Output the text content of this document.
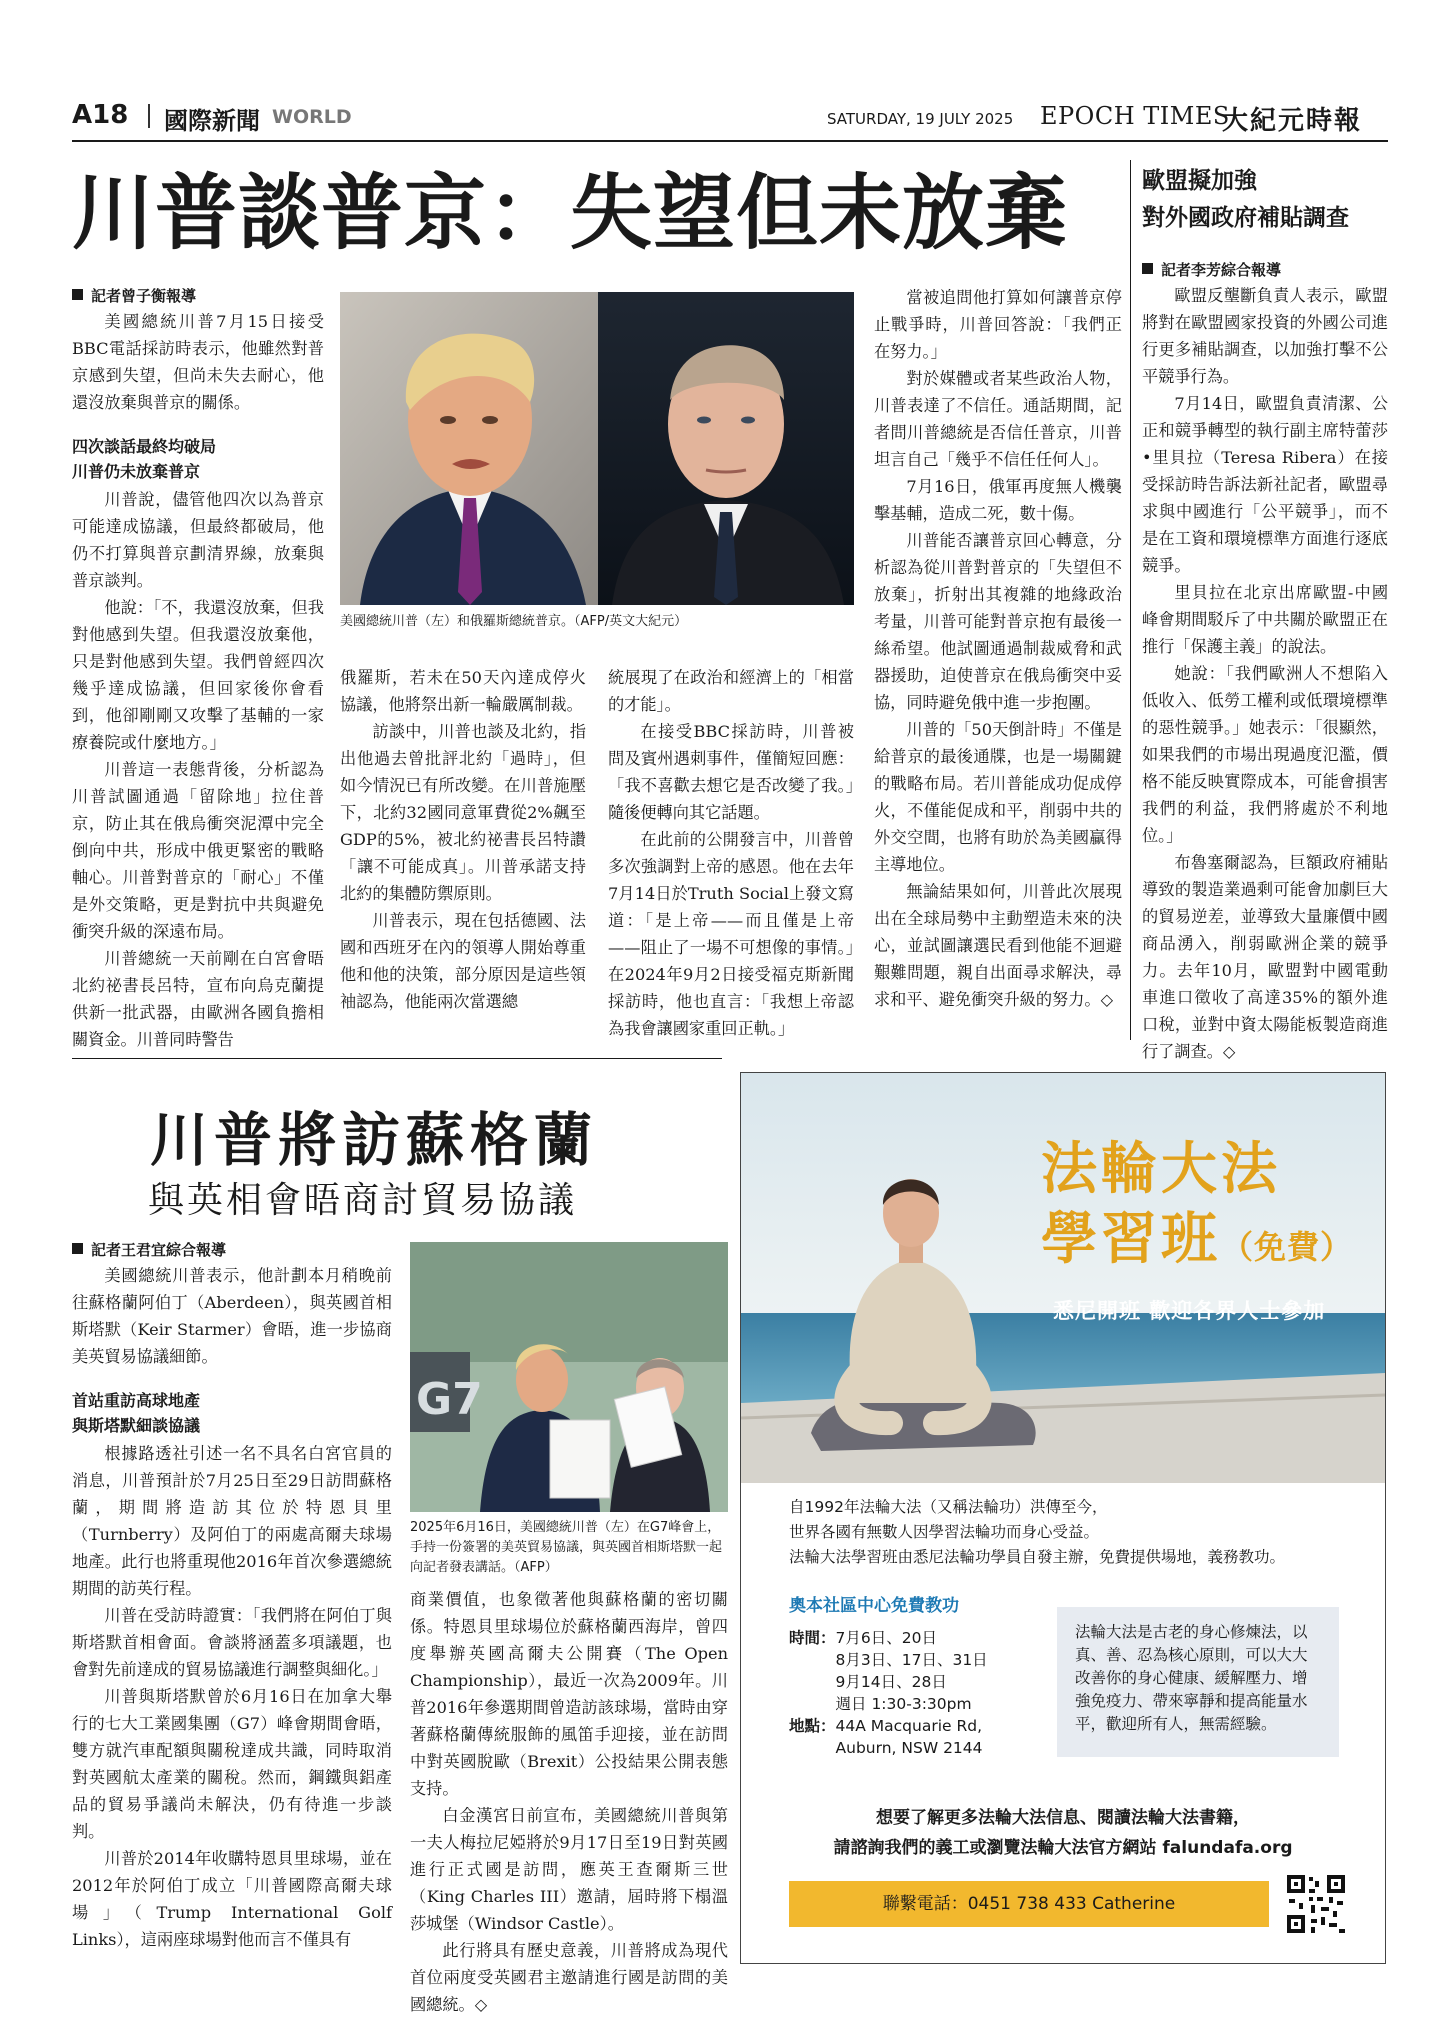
A18 國際新聞 WORLD	SATURDAY, 19 JULY 2025 EPOCH TIMES
大紀元時報
川普談普京：失望但未放棄
記者曾子衡報導

美國總統川普7月15日接受BBC電話採訪時表示，他雖然對普京感到失望，但尚未失去耐心，他還沒放棄與普京的關係。

四次談話最終均破局
川普仍未放棄普京

川普說，儘管他四次以為普京可能達成協議，但最終都破局，他仍不打算與普京劃清界線，放棄與普京談判。

他說：「不，我還沒放棄，但我對他感到失望。但我還沒放棄他，只是對他感到失望。我們曾經四次幾乎達成協議，但回家後你會看到，他卻剛剛又攻擊了基輔的一家療養院或什麼地方。」

川普這一表態背後，分析認為川普試圖通過「留除地」拉住普京，防止其在俄烏衝突泥潭中完全倒向中共，形成中俄更緊密的戰略軸心。川普對普京的「耐心」不僅是外交策略，更是對抗中共與避免衝突升級的深遠布局。

川普總統一天前剛在白宮會晤北約祕書長呂特，宣布向烏克蘭提供新一批武器，由歐洲各國負擔相關資金。川普同時警告

美國總統川普（左）和俄羅斯總統普京。（AFP/英文大紀元）

俄羅斯，若未在50天內達成停火協議，他將祭出新一輪嚴厲制裁。

訪談中，川普也談及北約，指出他過去曾批評北約「過時」，但如今情況已有所改變。在川普施壓下，北約32國同意軍費從2%飆至GDP的5%，被北約祕書長呂特讚「讓不可能成真」。川普承諾支持北約的集體防禦原則。

川普表示，現在包括德國、法國和西班牙在內的領導人開始尊重他和他的決策，部分原因是這些領袖認為，他能兩次當選總

統展現了在政治和經濟上的「相當的才能」。

在接受BBC採訪時，川普被問及賓州遇刺事件，僅簡短回應：「我不喜歡去想它是否改變了我。」隨後便轉向其它話題。

在此前的公開發言中，川普曾多次強調對上帝的感恩。他在去年7月14日於Truth Social上發文寫道：「是上帝——而且僅是上帝——阻止了一場不可想像的事情。」在2024年9月2日接受福克斯新聞採訪時，他也直言：「我想上帝認為我會讓國家重回正軌。」

當被追問他打算如何讓普京停止戰爭時，川普回答說：「我們正在努力。」

對於媒體或者某些政治人物，川普表達了不信任。通話期間，記者問川普總統是否信任普京，川普坦言自己「幾乎不信任任何人」。

7月16日，俄軍再度無人機襲擊基輔，造成二死，數十傷。

川普能否讓普京回心轉意，分析認為從川普對普京的「失望但不放棄」，折射出其複雜的地緣政治考量，川普可能對普京抱有最後一絲希望。他試圖通過制裁威脅和武器援助，迫使普京在俄烏衝突中妥協，同時避免俄中進一步抱團。

川普的「50天倒計時」不僅是給普京的最後通牒，也是一場關鍵的戰略布局。若川普能成功促成停火，不僅能促成和平，削弱中共的外交空間，也將有助於為美國贏得主導地位。

無論結果如何，川普此次展現出在全球局勢中主動塑造未來的決心，並試圖讓選民看到他能不迴避艱難問題，親自出面尋求解決，尋求和平、避免衝突升級的努力。◇

歐盟擬加強
對外國政府補貼調查
記者李芳綜合報導

歐盟反壟斷負責人表示，歐盟將對在歐盟國家投資的外國公司進行更多補貼調查，以加強打擊不公平競爭行為。

7月14日，歐盟負責清潔、公正和競爭轉型的執行副主席特蕾莎•里貝拉（Teresa Ribera）在接受採訪時告訴法新社記者，歐盟尋求與中國進行「公平競爭」，而不是在工資和環境標準方面進行逐底競爭。

里貝拉在北京出席歐盟-中國峰會期間駁斥了中共關於歐盟正在推行「保護主義」的說法。

她說：「我們歐洲人不想陷入低收入、低勞工權利或低環境標準的惡性競爭。」她表示：「很顯然，如果我們的市場出現過度氾濫，價格不能反映實際成本，可能會損害我們的利益，我們將處於不利地位。」

布魯塞爾認為，巨額政府補貼導致的製造業過剩可能會加劇巨大的貿易逆差，並導致大量廉價中國商品湧入，削弱歐洲企業的競爭力。去年10月，歐盟對中國電動車進口徵收了高達35%的額外進口稅，並對中資太陽能板製造商進行了調查。◇

川普將訪蘇格蘭
與英相會晤商討貿易協議
記者王君宜綜合報導

美國總統川普表示，他計劃本月稍晚前往蘇格蘭阿伯丁（Aberdeen），與英國首相斯塔默（Keir Starmer）會晤，進一步協商美英貿易協議細節。

首站重訪高球地產
與斯塔默細談協議

根據路透社引述一名不具名白宮官員的消息，川普預計於7月25日至29日訪問蘇格蘭，期間將造訪其位於特恩貝里（Turnberry）及阿伯丁的兩處高爾夫球場地產。此行也將重現他2016年首次參選總統期間的訪英行程。

川普在受訪時證實：「我們將在阿伯丁與斯塔默首相會面。會談將涵蓋多項議題，也會對先前達成的貿易協議進行調整與細化。」

川普與斯塔默曾於6月16日在加拿大舉行的七大工業國集團（G7）峰會期間會晤，雙方就汽車配額與關稅達成共識，同時取消對英國航太產業的關稅。然而，鋼鐵與鋁產品的貿易爭議尚未解決，仍有待進一步談判。

川普於2014年收購特恩貝里球場，並在2012年於阿伯丁成立「川普國際高爾夫球場」（Trump International Golf Links），這兩座球場對他而言不僅具有

G7
2025年6月16日，美國總統川普（左）在G7峰會上，手持一份簽署的美英貿易協議，與英國首相斯塔默一起向記者發表講話。（AFP）

商業價值，也象徵著他與蘇格蘭的密切關係。特恩貝里球場位於蘇格蘭西海岸，曾四度舉辦英國高爾夫公開賽（The Open Championship），最近一次為2009年。川普2016年參選期間曾造訪該球場，當時由穿著蘇格蘭傳統服飾的風笛手迎接，並在訪問中對英國脫歐（Brexit）公投結果公開表態支持。

白金漢宮日前宣布，美國總統川普與第一夫人梅拉尼婭將於9月17日至19日對英國進行正式國是訪問，應英王查爾斯三世（King Charles III）邀請，屆時將下榻溫莎城堡（Windsor Castle）。

此行將具有歷史意義，川普將成為現代首位兩度受英國君主邀請進行國是訪問的美國總統。◇

法輪大法
學習班（免費）
悉尼開班 歡迎各界人士參加
自1992年法輪大法（又稱法輪功）洪傳至今，
世界各國有無數人因學習法輪功而身心受益。
法輪大法學習班由悉尼法輪功學員自發主辦，免費提供場地，義務教功。
奧本社區中心免費教功
時間： 7月6日、20日
8月3日、17日、31日
9月14日、28日
週日 1:30-3:30pm
地點： 44A Macquarie Rd,
Auburn, NSW 2144
法輪大法是古老的身心修煉法，以真、善、忍為核心原則，可以大大改善你的身心健康、緩解壓力、增強免疫力、帶來寧靜和提高能量水平，歡迎所有人，無需經驗。
想要了解更多法輪大法信息、閱讀法輪大法書籍，
請諮詢我們的義工或瀏覽法輪大法官方網站 falundafa.org
聯繫電話：0451 738 433 Catherine
